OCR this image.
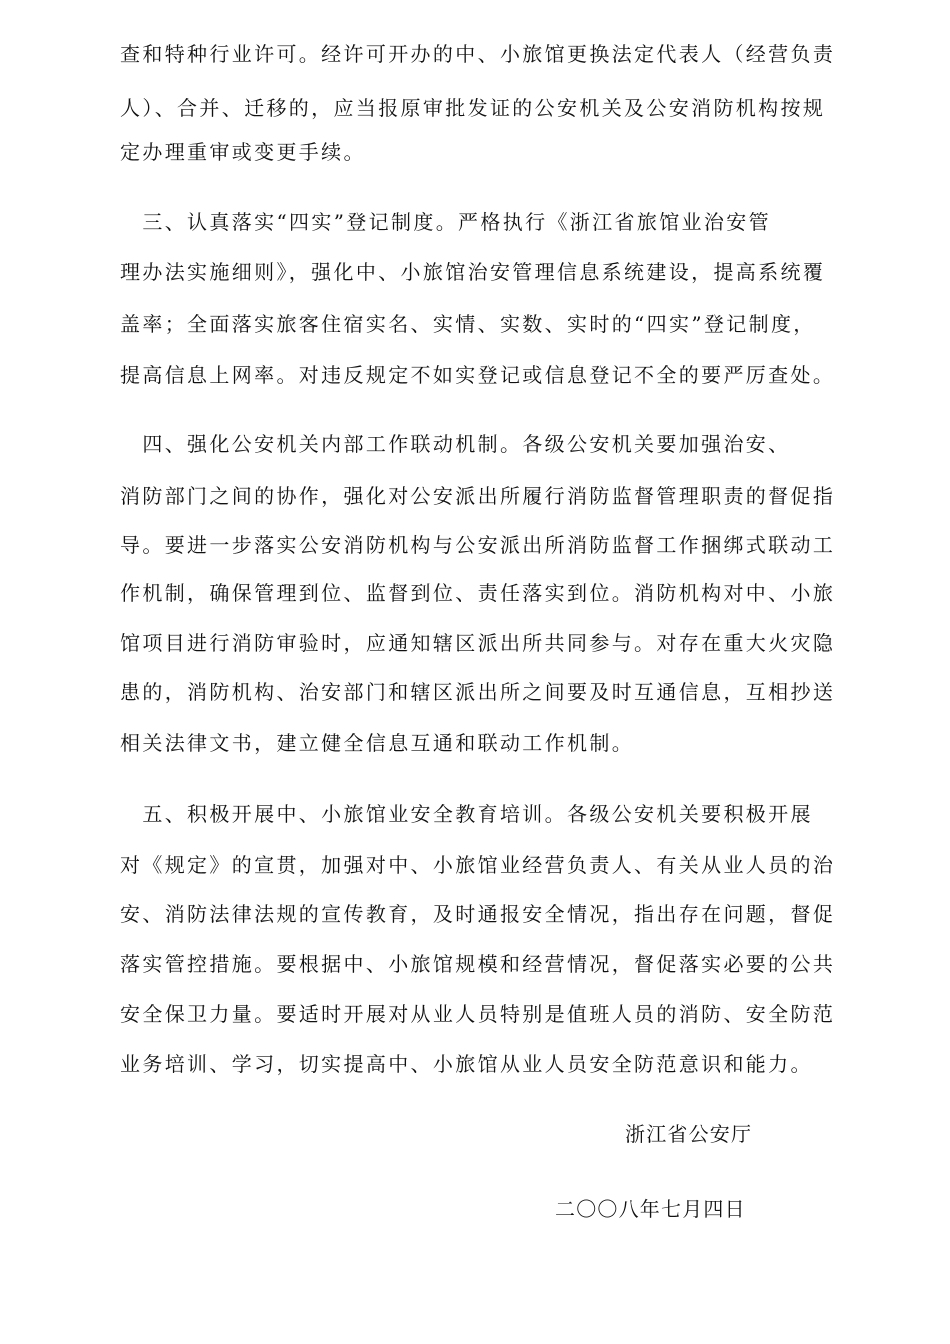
查和特种行业许可。经许可开办的中、小旅馆更换法定代表人（经营负责
人）、合并、迁移的，应当报原审批发证的公安机关及公安消防机构按规
定办理重审或变更手续。
　三、认真落实“四实”登记制度。严格执行《浙江省旅馆业治安管
理办法实施细则》，强化中、小旅馆治安管理信息系统建设，提高系统覆
盖率；全面落实旅客住宿实名、实情、实数、实时的“四实”登记制度，
提高信息上网率。对违反规定不如实登记或信息登记不全的要严厉查处。
　四、强化公安机关内部工作联动机制。各级公安机关要加强治安、
消防部门之间的协作，强化对公安派出所履行消防监督管理职责的督促指
导。要进一步落实公安消防机构与公安派出所消防监督工作捆绑式联动工
作机制，确保管理到位、监督到位、责任落实到位。消防机构对中、小旅
馆项目进行消防审验时，应通知辖区派出所共同参与。对存在重大火灾隐
患的，消防机构、治安部门和辖区派出所之间要及时互通信息，互相抄送
相关法律文书，建立健全信息互通和联动工作机制。
　五、积极开展中、小旅馆业安全教育培训。各级公安机关要积极开展
对《规定》的宣贯，加强对中、小旅馆业经营负责人、有关从业人员的治
安、消防法律法规的宣传教育，及时通报安全情况，指出存在问题，督促
落实管控措施。要根据中、小旅馆规模和经营情况，督促落实必要的公共
安全保卫力量。要适时开展对从业人员特别是值班人员的消防、安全防范
业务培训、学习，切实提高中、小旅馆从业人员安全防范意识和能力。
浙江省公安厅
二〇〇八年七月四日
